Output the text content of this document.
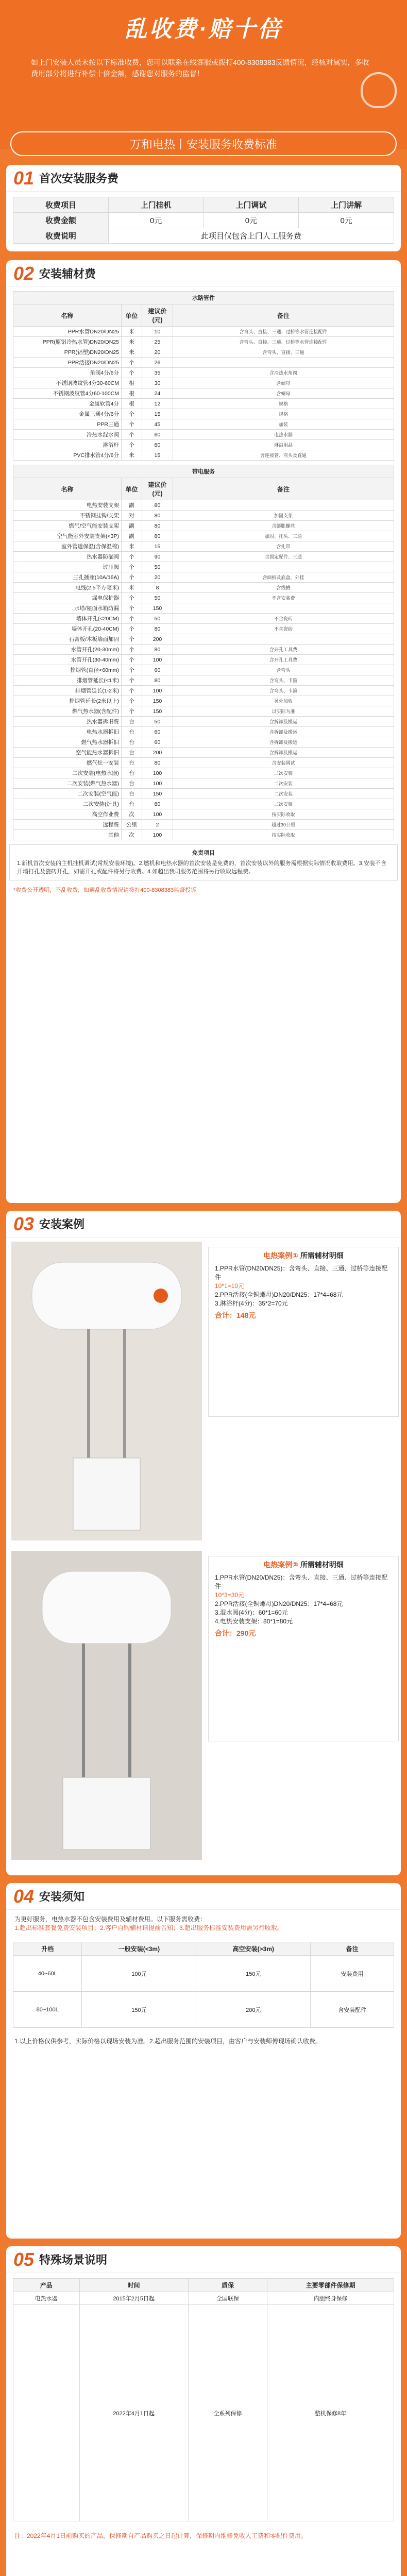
乱收费·赔十倍
如上门安装人员未按以下标准收费，您可以联系在线客服或拨打400-8308383反馈情况，经核对属实，多收费用部分将进行补偿十倍金额，感谢您对服务的监督！
万和电热丨安装服务收费标准
01 首次安装服务费
收费项目	上门挂机	上门调试	上门讲解
收费金额	0元	0元	0元
收费说明	此项目仅包含上门人工服务费		
02 安装辅材费
水路管件			
名称	单位	建议价(元)	备注
PPR水管DN20/DN25	米	10	含弯头、直接、三通、过桥等水管连接配件
PPR(原铝冷热水管)DN20/DN25	米	25	含弯头、直接、三通、过桥等水管连接配件
PPR(铝塑)DN20/DN25	米	20	含弯头、直接、三通
PPR活接DN20/DN25	个	26	
角阀4分/6分	个	35	含冷热水角阀
不锈钢波纹管4分30-60CM	根	30	含螺母
不锈钢波纹管4分60-100CM	根	24	含螺母
金属软管4分	根	12	规格
金属三通4分/6分	个	15	规格
PPR三通	个	45	加装
冷热水混水阀	个	60	电热水器
淋浴杆	个	80	淋浴用品
PVC排水管4分/6分	米	15	含连接管、弯头及直通
带电服务			
名称	单位	建议价(元)	备注
电热安装支架	副	80	
不锈钢挂钩/支架	对	80	加固支架
燃气/空气能安装支架	副	80	含膨胀螺丝
空气能室外安装支架(<3P)	副	80	加固、托头、三通
室外管道保温(含保温棉)	米	15	含扎带
热水器防漏阀	个	90	含固定配件、三通
过压阀	个	50	
三孔插座(10A/16A)	个	20	含面板及底盒，外挂
电线(2.5平方毫米)	米	8	含线槽
漏电保护器	个	50	不含安装费
水塔/屋面水箱防漏	个	150	
墙体开孔(<20CM)	个	50	不含瓷砖
墙体开孔(20-40CM)	个	80	不含瓷砖
石膏板/木板墙面加固	个	200	
水管开孔(20-30mm)	个	80	含开孔工具费
水管开孔(30-40mm)	个	100	含开孔工具费
排烟管(直径<60mm)	个	60	含弯头
排烟管延长(<1米)	个	80	含弯头、卡箍
排烟管延长(1-2米)	个	100	含弯头、卡箍
排烟管延长(2米以上)	个	150	另外加收
燃气热水器(含配件)	个	150	以实际为准
热水器拆旧费	台	50	含拆卸及搬运
电热水器拆旧	台	60	含拆卸及搬运
燃气热水器拆旧	台	60	含拆卸及搬运
空气能热水器拆旧	台	200	含拆卸及搬运
燃气灶一安装	台	80	含安装调试
二次安装(电热水器)	台	100	二次安装
二次安装(燃气热水器)	台	100	二次安装
二次安装(空气能)	台	150	二次安装
二次安装(灶具)	台	80	二次安装
高空作业费	次	100	按实际收取
远程费	公里	2	超过30公里
其他	次	100	按实际收取
免责项目
1.新机首次安装的主机挂机调试(常规安装环境)。2.燃机和电热水器的首次安装是免费的，首次安装以外的服务需根据实际情况收取费用。3.安装不含开墙打孔及瓷砖开孔，如需开孔或配件将另行收费。4.如超出我司服务范围将另行收取远程费。
*收费公开透明，不乱收费，如遇乱收费情况请拨打400-8308383监督投诉
03 安装案例
电热案例① 所需辅材明细
1.PPR水管(DN20/DN25)：含弯头、直接、三通、过桥等连接配件
10*1=10元
2.PPR活接(全铜螺母)DN20/DN25：17*4=68元
3.淋浴杆(4分)：35*2=70元
合计：148元
电热案例② 所需辅材明细
1.PPR水管(DN20/DN25)：含弯头、直接、三通、过桥等连接配件
10*3=30元
2.PPR活接(全铜螺母)DN20/DN25：17*4=68元
3.混水阀(4分)：60*1=60元
4.电热安装支架：80*1=80元
合计：290元
04 安装须知

为更好服务，电热水器不包含安装费用及辅材费用。以下服务需收费：

1.超出标准套餐免费安装项目；2.客户自购辅材请提前告知；3.超出服务标准安装费用需另行收取。

升档	一般安装(<3m)	高空安装(>3m)	备注
40~60L	100元	150元	安装费用
80~100L	150元	200元	含安装配件
1.以上价格仅供参考，实际价格以现场安装为准。2.超出服务范围的安装项目，由客户与安装师傅现场确认收费。
05 特殊场景说明
产品	时间	质保	主要零部件保修期
电热水器	2015年2月5日起	全国联保	内胆终身保修
	2022年4月1日起	全系列保修	整机保修8年
注：2022年4月1日前购买的产品，保修期自产品购买之日起计算，保修期内维修免收人工费和零配件费用。
